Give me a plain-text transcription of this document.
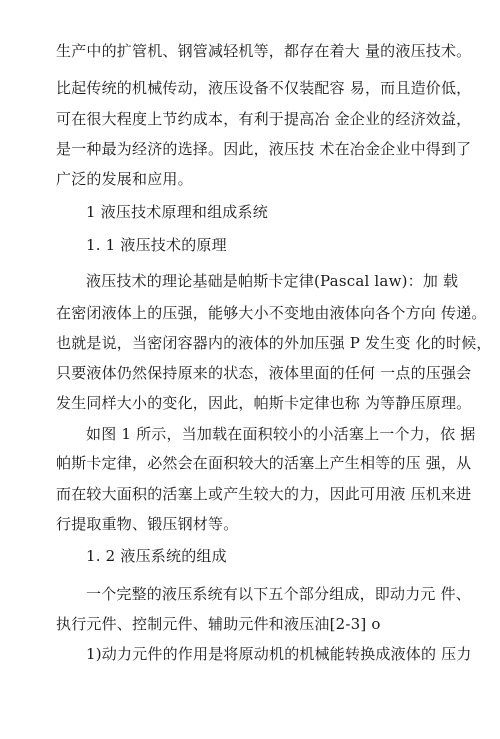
生产中的扩管机、钢管减轻机等，都存在着大 量的液压技术。
比起传统的机械传动，液压设备不仅装配容 易，而且造价低，
可在很大程度上节约成本，有利于提高冶 金企业的经济效益，
是一种最为经济的选择。因此，液压技 术在冶金企业中得到了
广泛的发展和应用。
1 液压技术原理和组成系统
1. 1 液压技术的原理
液压技术的理论基础是帕斯卡定律(Pascal law)：加 载
在密闭液体上的压强，能够大小不变地由液体向各个方向 传递。
也就是说，当密闭容器内的液体的外加压强 P 发生变 化的时候，
只要液体仍然保持原来的状态，液体里面的任何 一点的压强会
发生同样大小的变化，因此，帕斯卡定律也称 为等静压原理。
如图 1 所示，当加载在面积较小的小活塞上一个力，依 据
帕斯卡定律，必然会在面积较大的活塞上产生相等的压 强，从
而在较大面积的活塞上或产生较大的力，因此可用液 压机来进
行提取重物、锻压钢材等。
1. 2 液压系统的组成
一个完整的液压系统有以下五个部分组成，即动力元 件、
执行元件、控制元件、辅助元件和液压油[2-3] o
1)动力元件的作用是将原动机的机械能转换成液体的 压力
